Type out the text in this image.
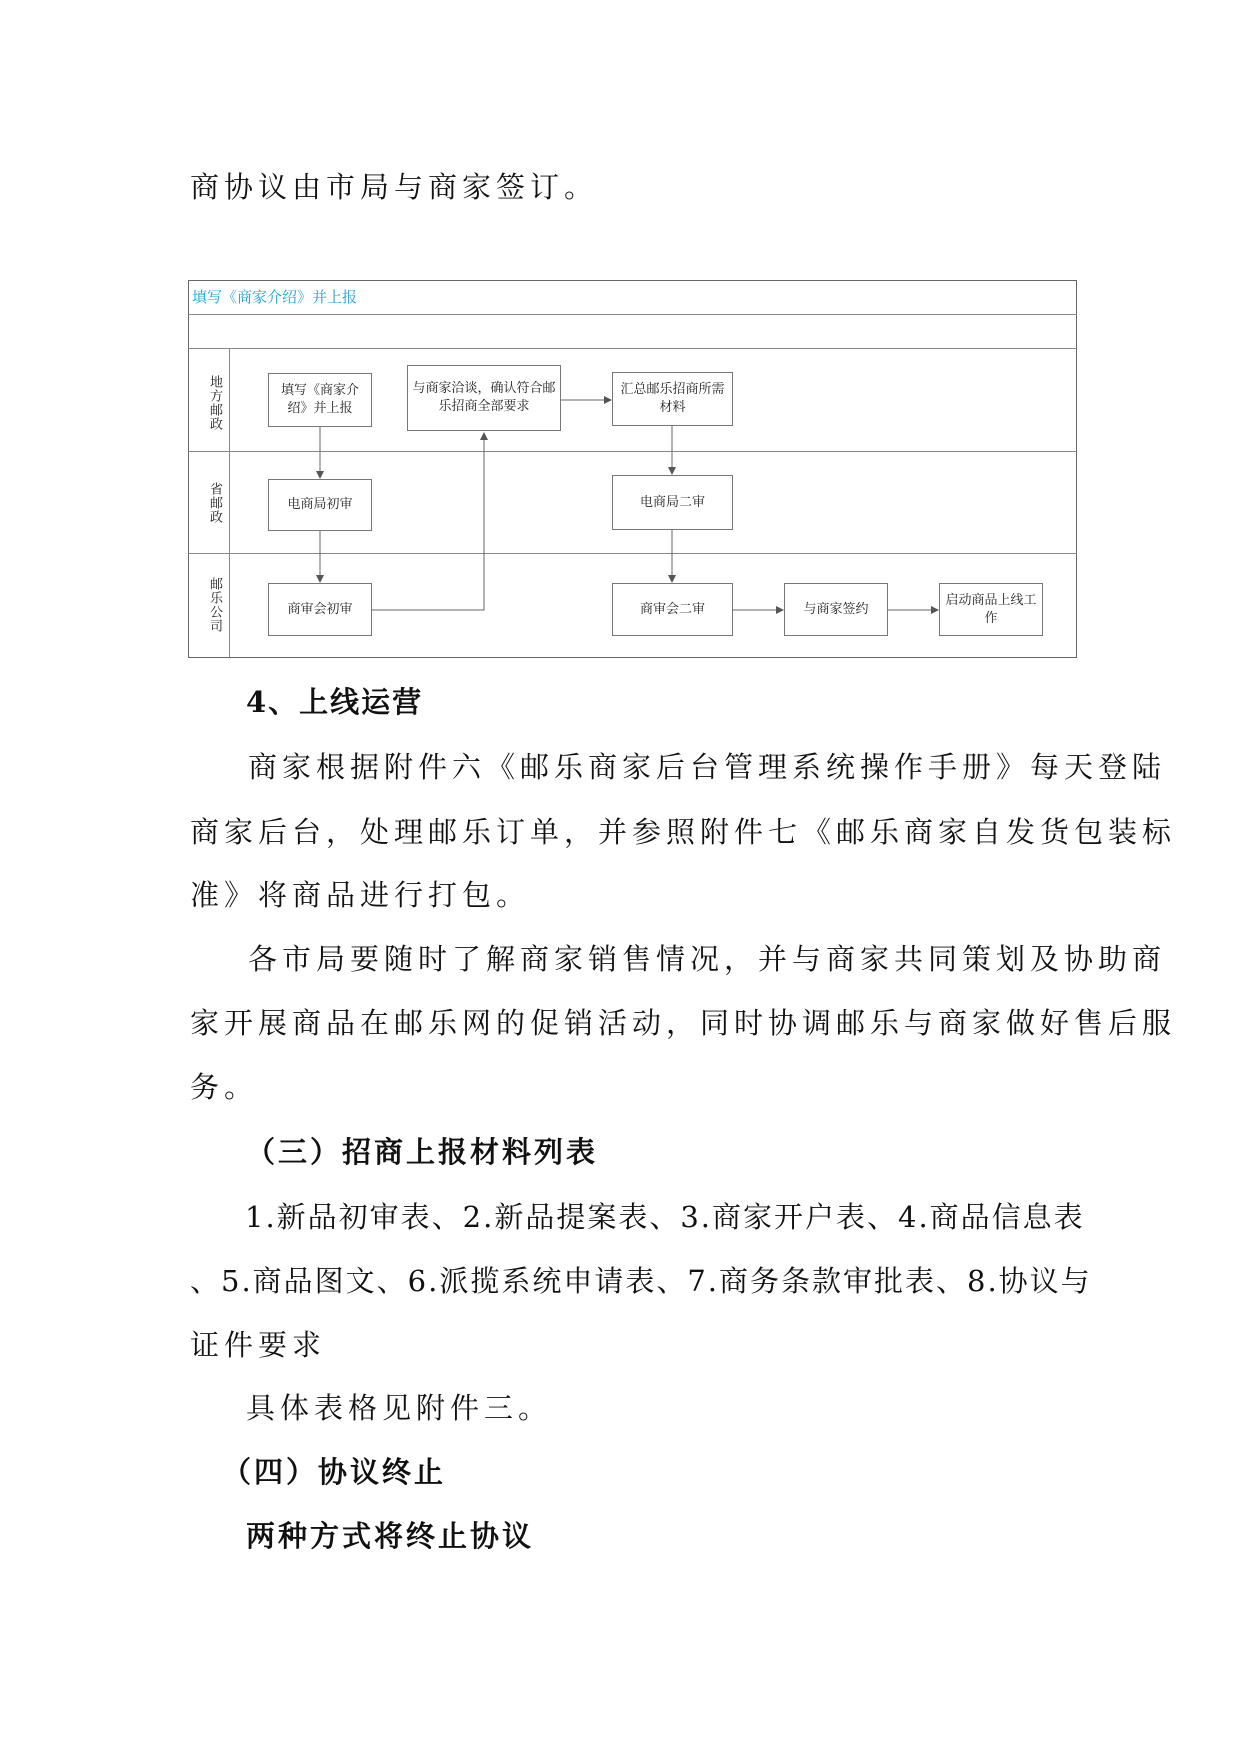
商协议由市局与商家签订。
填写《商家介绍》并上报
地方邮政
省邮政
邮乐公司
填写《商家介绍》并上报
与商家洽谈，确认符合邮乐招商全部要求
汇总邮乐招商所需材料
电商局初审	电商局二审
商审会初审	商审会二审	与商家签约
启动商品上线工作
4、上线运营
商家根据附件六《邮乐商家后台管理系统操作手册》每天登陆
商家后台，处理邮乐订单，并参照附件七《邮乐商家自发货包装标
准》将商品进行打包。
各市局要随时了解商家销售情况，并与商家共同策划及协助商
家开展商品在邮乐网的促销活动，同时协调邮乐与商家做好售后服
务。
（三）招商上报材料列表
1.新品初审表、2.新品提案表、3.商家开户表、4.商品信息表
、5.商品图文、6.派揽系统申请表、7.商务条款审批表、8.协议与
证件要求
具体表格见附件三。
（四）协议终止
两种方式将终止协议
